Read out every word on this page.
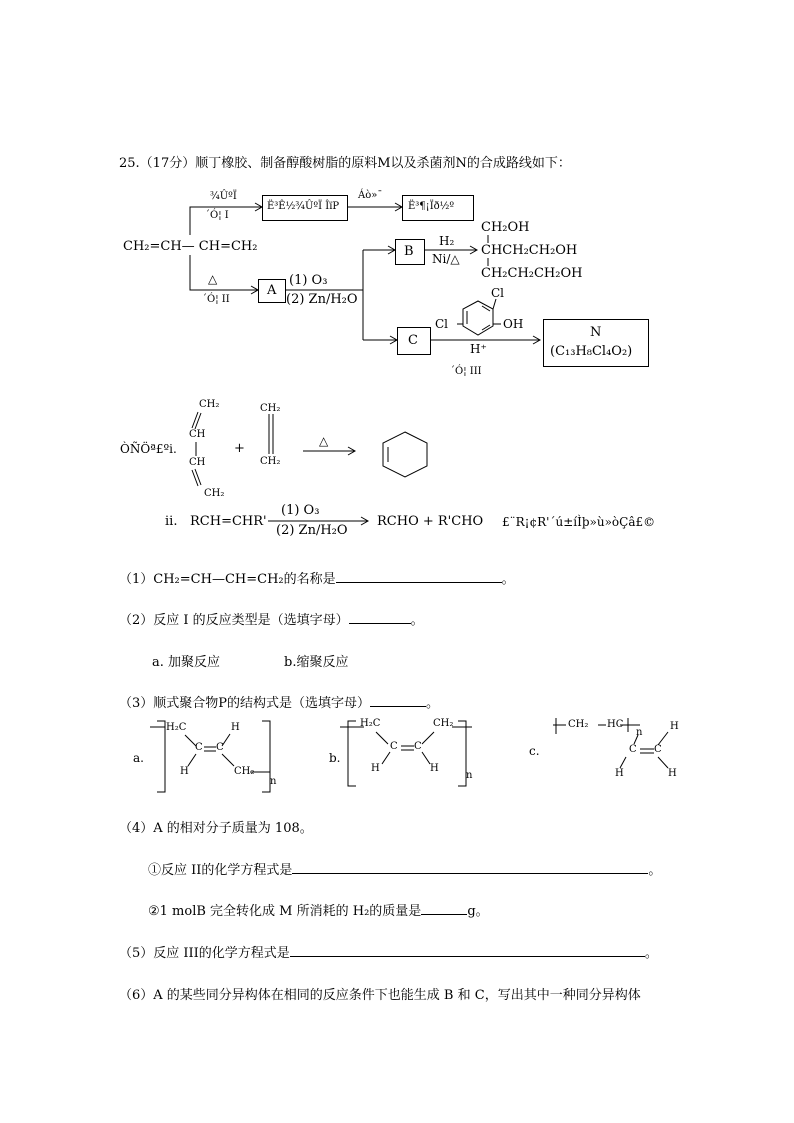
25.（17分）顺丁橡胶、制备醇酸树脂的原料M以及杀菌剂N的合成路线如下：
CH₂=CH— CH=CH₂
¾ÛºÏ
´Ó¦ I
Ë³Ê½¾ÛºÏ ÎïP
Áò»¯
Ë³¶¡Ïð½º
△
´Ó¦ II
A
(1) O₃
(2) Zn/H₂O
B
H₂
Ni/△
CH₂OH
CHCH₂CH₂OH
CH₂CH₂CH₂OH
C
Cl
Cl	OH
H⁺
´Ó¦ III
N
(C₁₃H₈Cl₄O₂)
ÒÑÖª£ºi.
CH₂
CH
CH
CH₂
+
CH₂
CH₂
△
ii. RCH=CHR'
(1) O₃
(2) Zn/H₂O
RCHO + R'CHO £¨R¡¢R'´ú±íÌþ»ù»òÇâ£©
（1）CH₂=CH—CH=CH₂的名称是	。
（2）反应 I 的反应类型是（选填字母）	。
a. 加聚反应	b.缩聚反应
（3）顺式聚合物P的结构式是（选填字母）	。
a.
H₂C	H
C C
H	CH₂
n
b.
H₂C	CH₂
C C
H	H
n
c.
CH₂ HC
n
C C
H
H
H
（4）A 的相对分子质量为 108。
①反应 II的化学方程式是	。
②1 molB 完全转化成 M 所消耗的 H₂的质量是	g。
（5）反应 III的化学方程式是	。
（6）A 的某些同分异构体在相同的反应条件下也能生成 B 和 C，写出其中一种同分异构体
